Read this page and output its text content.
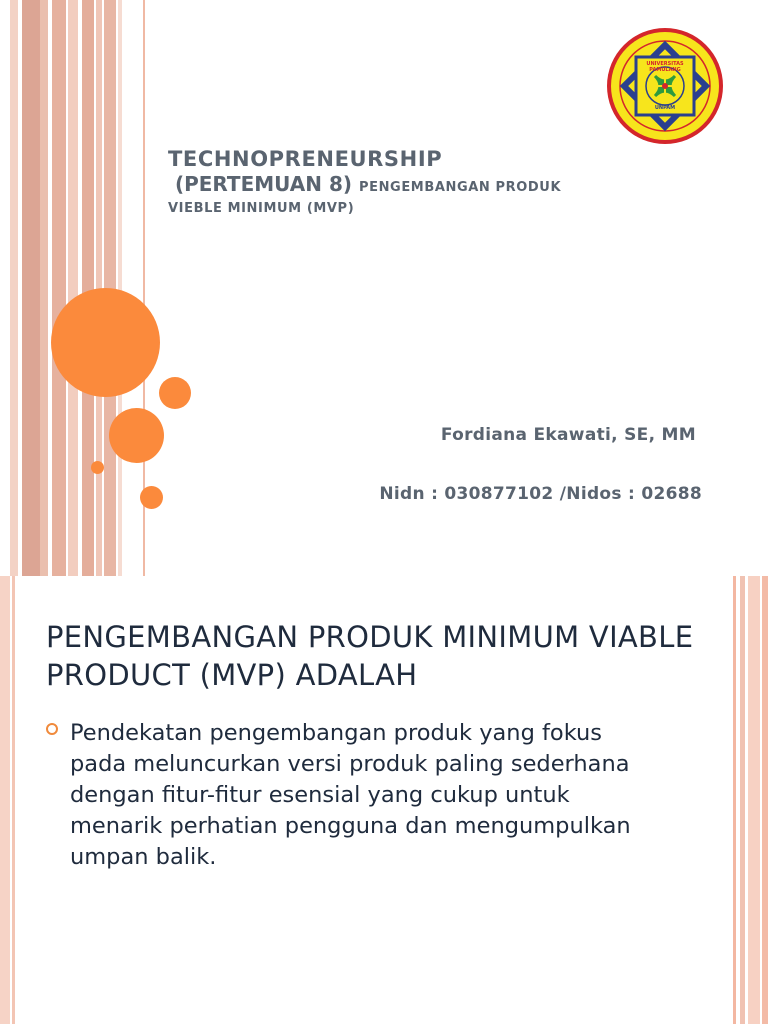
UNIVERSITAS PAMULANG
UNPAM
TECHNOPRENEURSHIP
(PERTEMUAN 8) PENGEMBANGAN PRODUK
VIEBLE MINIMUM (MVP)
Fordiana Ekawati, SE, MM
Nidn : 030877102 /Nidos : 02688
PENGEMBANGAN PRODUK MINIMUM VIABLE PRODUCT (MVP) ADALAH
Pendekatan pengembangan produk yang fokus pada meluncurkan versi produk paling sederhana dengan fitur-fitur esensial yang cukup untuk menarik perhatian pengguna dan mengumpulkan umpan balik.
